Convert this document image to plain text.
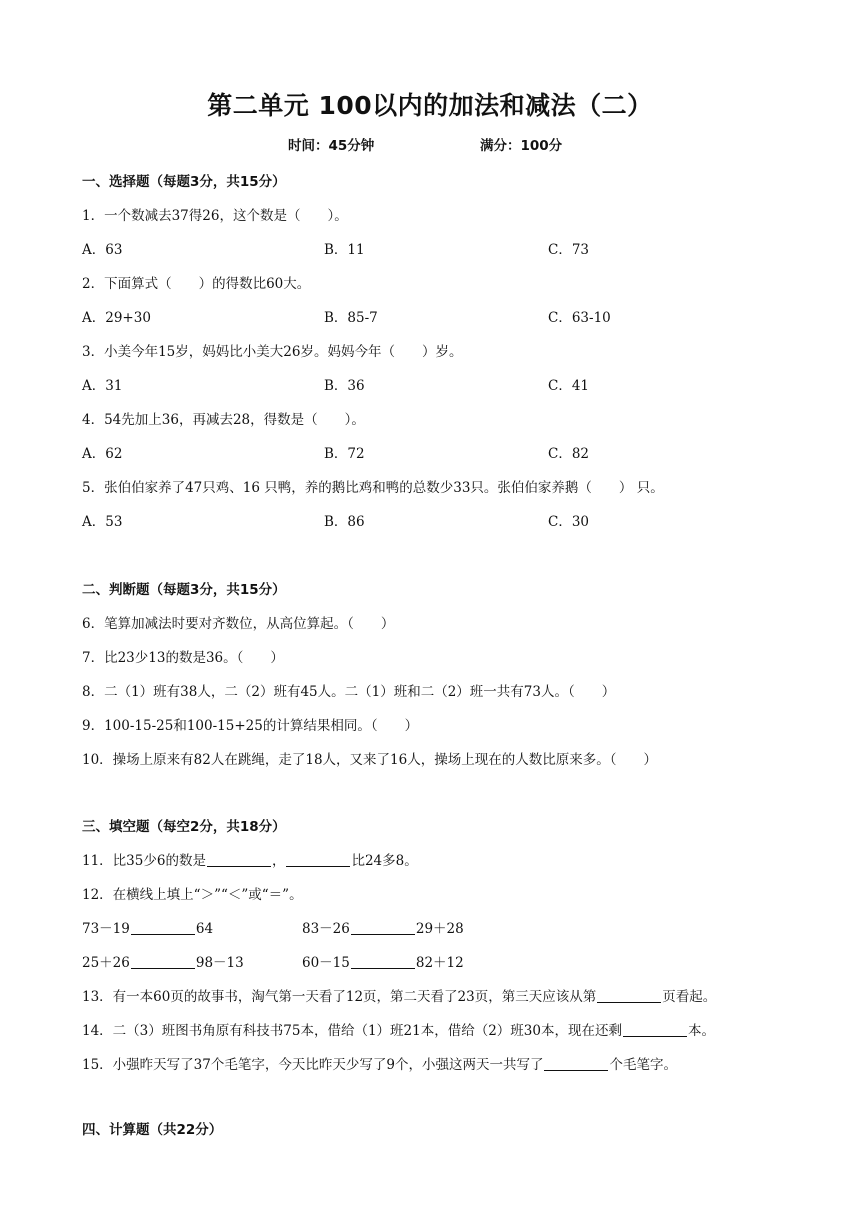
第二单元 100以内的加法和减法（二）
时间：45分钟	满分：100分
一、选择题（每题3分，共15分）
1．一个数减去37得26，这个数是（　　）。
A．63	B．11	C．73
2．下面算式（　　）的得数比60大。
A．29+30	B．85-7	C．63-10
3．小美今年15岁，妈妈比小美大26岁。妈妈今年（　　）岁。
A．31	B．36	C．41
4．54先加上36，再减去28，得数是（　　）。
A．62	B．72	C．82
5．张伯伯家养了47只鸡、16 只鸭，养的鹅比鸡和鸭的总数少33只。张伯伯家养鹅（　　） 只。
A．53	B．86	C．30
二、判断题（每题3分，共15分）
6．笔算加减法时要对齐数位，从高位算起。（　　）
7．比23少13的数是36。（　　）
8．二（1）班有38人，二（2）班有45人。二（1）班和二（2）班一共有73人。（　　）
9．100-15-25和100-15+25的计算结果相同。（　　）
10．操场上原来有82人在跳绳，走了18人，又来了16人，操场上现在的人数比原来多。（　　）
三、填空题（每空2分，共18分）
11．比35少6的数是	，	比24多8。
12．在横线上填上“＞”“＜”或“＝”。
73－19	64	83－26	29＋28
25＋26	98－13	60－15	82＋12
13．有一本60页的故事书，淘气第一天看了12页，第二天看了23页，第三天应该从第	页看起。
14．二（3）班图书角原有科技书75本，借给（1）班21本，借给（2）班30本，现在还剩	本。
15．小强昨天写了37个毛笔字，今天比昨天少写了9个，小强这两天一共写了	个毛笔字。
四、计算题（共22分）
